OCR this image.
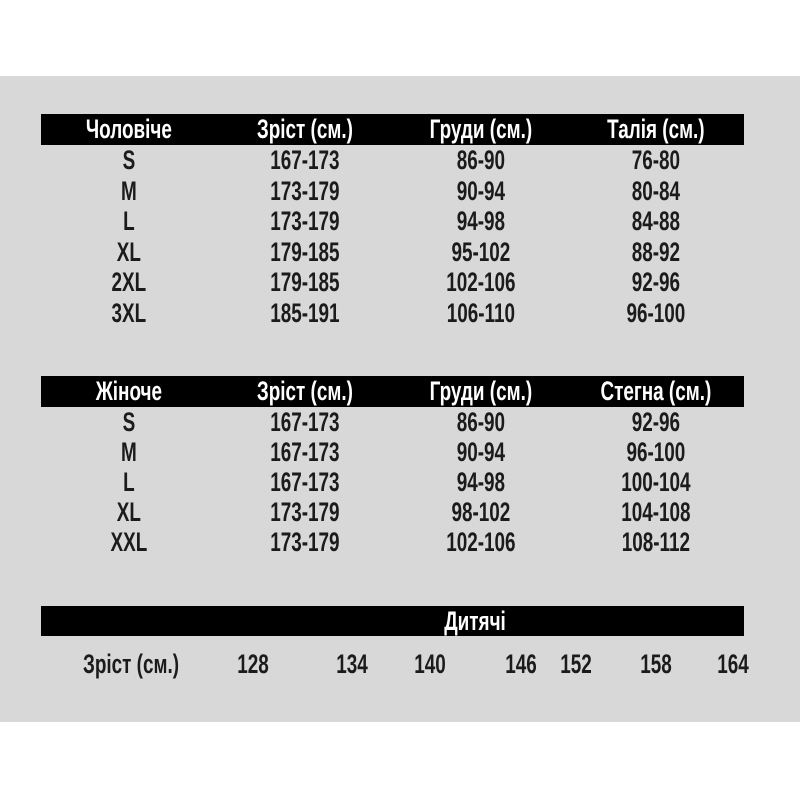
Чоловіче	Зріст (см.)	Груди (см.)	Талія (см.)
S	167-173	86-90	76-80
M	173-179	90-94	80-84
L	173-179	94-98	84-88
XL	179-185	95-102	88-92
2XL	179-185	102-106	92-96
3XL	185-191	106-110	96-100
Жіноче	Зріст (см.)	Груди (см.)	Стегна (см.)
S	167-173	86-90	92-96
M	167-173	90-94	96-100
L	167-173	94-98	100-104
XL	173-179	98-102	104-108
XXL	173-179	102-106	108-112
Дитячі
Зріст (см.) 128 134 140 146 152 158 164
